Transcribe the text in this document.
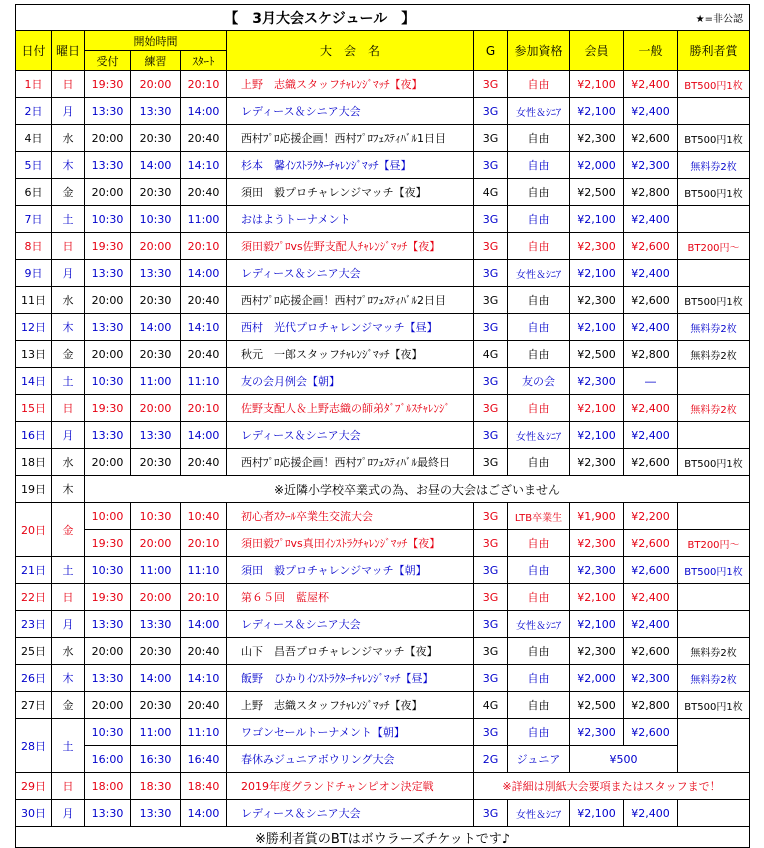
【　3月大会スケジュール　】									★=非公認	
日付	曜日	開始時間			大　会　名	G	参加資格	会員	一般	勝利者賞
		受付	練習	ｽﾀｰﾄ						
1日	日	19:30	20:00	20:10	上野　志織スタッフﾁｬﾚﾝｼﾞﾏｯﾁ【夜】	3G	自由	¥2,100	¥2,400	BT500円1枚
2日	月	13:30	13:30	14:00	レディース＆シニア大会	3G	女性＆ｼﾆｱ	¥2,100	¥2,400	
4日	水	20:00	20:30	20:40	西村ﾌﾟﾛ応援企画！西村ﾌﾟﾛﾌｪｽﾃｨﾊﾞﾙ1日目	3G	自由	¥2,300	¥2,600	BT500円1枚
5日	木	13:30	14:00	14:10	杉本　馨ｲﾝｽﾄﾗｸﾀｰﾁｬﾚﾝｼﾞﾏｯﾁ【昼】	3G	自由	¥2,000	¥2,300	無料券2枚
6日	金	20:00	20:30	20:40	須田　毅プロチャレンジマッチ【夜】	4G	自由	¥2,500	¥2,800	BT500円1枚
7日	土	10:30	10:30	11:00	おはようトーナメント	3G	自由	¥2,100	¥2,400	
8日	日	19:30	20:00	20:10	須田毅ﾌﾟﾛvs佐野支配人ﾁｬﾚﾝｼﾞﾏｯﾁ【夜】	3G	自由	¥2,300	¥2,600	BT200円～
9日	月	13:30	13:30	14:00	レディース＆シニア大会	3G	女性＆ｼﾆｱ	¥2,100	¥2,400	
11日	水	20:00	20:30	20:40	西村ﾌﾟﾛ応援企画！西村ﾌﾟﾛﾌｪｽﾃｨﾊﾞﾙ2日目	3G	自由	¥2,300	¥2,600	BT500円1枚
12日	木	13:30	14:00	14:10	西村　光代プロチャレンジマッチ【昼】	3G	自由	¥2,100	¥2,400	無料券2枚
13日	金	20:00	20:30	20:40	秋元　一郎スタッフﾁｬﾚﾝｼﾞﾏｯﾁ【夜】	4G	自由	¥2,500	¥2,800	無料券2枚
14日	土	10:30	11:00	11:10	友の会月例会【朝】	3G	友の会	¥2,300	―	
15日	日	19:30	20:00	20:10	佐野支配人＆上野志織の師弟ﾀﾞﾌﾞﾙｽﾁｬﾚﾝｼﾞ	3G	自由	¥2,100	¥2,400	無料券2枚
16日	月	13:30	13:30	14:00	レディース＆シニア大会	3G	女性＆ｼﾆｱ	¥2,100	¥2,400	
18日	水	20:00	20:30	20:40	西村ﾌﾟﾛ応援企画！西村ﾌﾟﾛﾌｪｽﾃｨﾊﾞﾙ最終日	3G	自由	¥2,300	¥2,600	BT500円1枚
19日	木	※近隣小学校卒業式の為、お昼の大会はございません								
20日	金	10:00	10:30	10:40	初心者ｽｸｰﾙ卒業生交流大会	3G	LTB卒業生	¥1,900	¥2,200	
		19:30	20:00	20:10	須田毅ﾌﾟﾛvs真田ｲﾝｽﾄﾗｸﾁｬﾚﾝｼﾞﾏｯﾁ【夜】	3G	自由	¥2,300	¥2,600	BT200円～
21日	土	10:30	11:00	11:10	須田　毅プロチャレンジマッチ【朝】	3G	自由	¥2,300	¥2,600	BT500円1枚
22日	日	19:30	20:00	20:10	第６５回　藍屋杯	3G	自由	¥2,100	¥2,400	
23日	月	13:30	13:30	14:00	レディース＆シニア大会	3G	女性＆ｼﾆｱ	¥2,100	¥2,400	
25日	水	20:00	20:30	20:40	山下　昌吾プロチャレンジマッチ【夜】	3G	自由	¥2,300	¥2,600	無料券2枚
26日	木	13:30	14:00	14:10	飯野　ひかりｲﾝｽﾄﾗｸﾀｰﾁｬﾚﾝｼﾞﾏｯﾁ【昼】	3G	自由	¥2,000	¥2,300	無料券2枚
27日	金	20:00	20:30	20:40	上野　志織スタッフﾁｬﾚﾝｼﾞﾏｯﾁ【夜】	4G	自由	¥2,500	¥2,800	BT500円1枚
28日	土	10:30	11:00	11:10	ワゴンセールトーナメント【朝】	3G	自由	¥2,300	¥2,600	
		16:00	16:30	16:40	春休みジュニアボウリング大会	2G	ジュニア	¥500		
29日	日	18:00	18:30	18:40	2019年度グランドチャンピオン決定戦	※詳細は別紙大会要項またはスタッフまで！				
30日	月	13:30	13:30	14:00	レディース＆シニア大会	3G	女性＆ｼﾆｱ	¥2,100	¥2,400	
※勝利者賞のBTはボウラーズチケットです♪										
